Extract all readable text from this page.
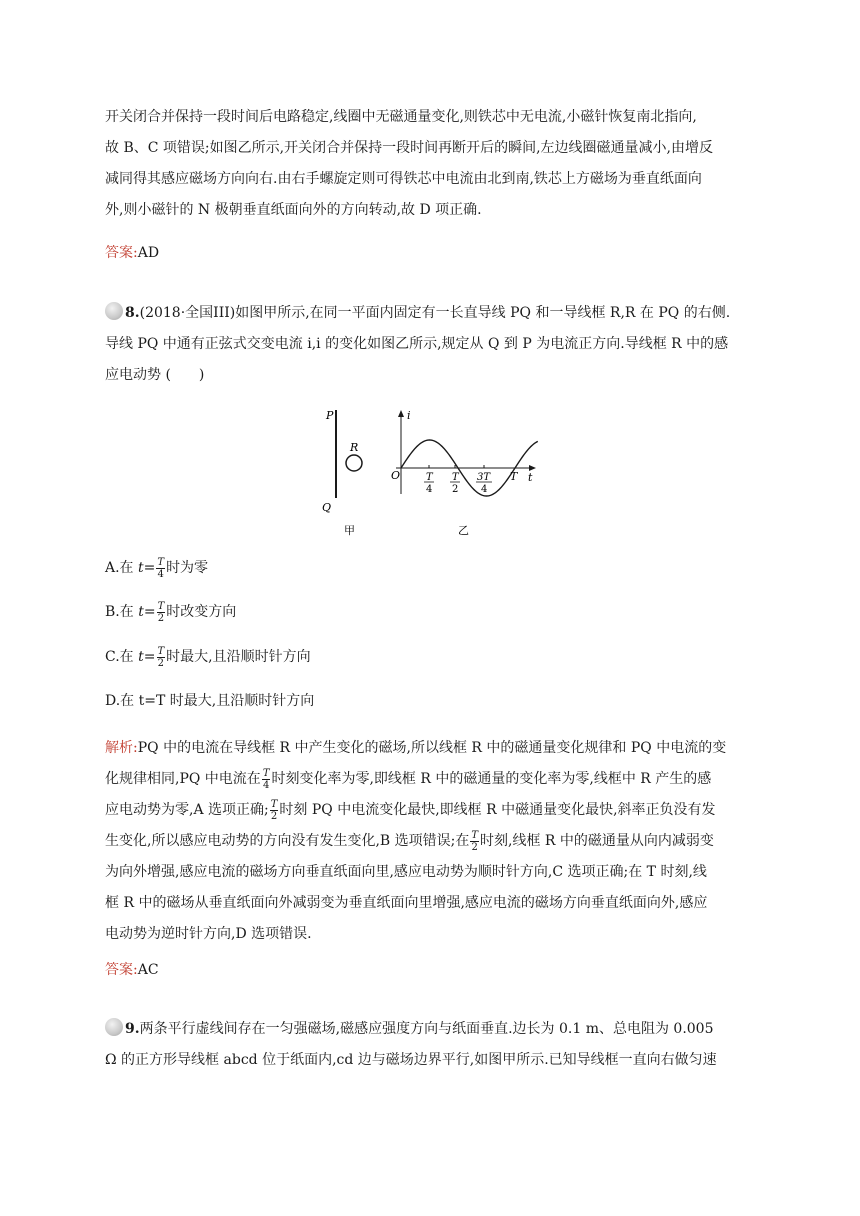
开关闭合并保持一段时间后电路稳定,线圈中无磁通量变化,则铁芯中无电流,小磁针恢复南北指向,
故 B、C 项错误;如图乙所示,开关闭合并保持一段时间再断开后的瞬间,左边线圈磁通量减小,由增反
减同得其感应磁场方向向右.由右手螺旋定则可得铁芯中电流由北到南,铁芯上方磁场为垂直纸面向
外,则小磁针的 N 极朝垂直纸面向外的方向转动,故 D 项正确.
答案:AD
8.(2018·全国III)如图甲所示,在同一平面内固定有一长直导线 PQ 和一导线框 R,R 在 PQ 的右侧.
导线 PQ 中通有正弦式交变电流 i,i 的变化如图乙所示,规定从 Q 到 P 为电流正方向.导线框 R 中的感
应电动势 (　　)
P
Q
R
甲
i
t
O	T
4
T
2
3T
4
T
乙
A.在 $t= \frac{T}{4}$ 时为零
B.在 $t= \frac{T}{2}$ 时改变方向
C.在 $t= \frac{T}{2}$ 时最大,且沿顺时针方向
D.在 t=T 时最大,且沿顺时针方向
解析:PQ 中的电流在导线框 R 中产生变化的磁场,所以线框 R 中的磁通量变化规律和 PQ 中电流的变
化规律相同,PQ 中电流在 $\frac{T}{4}$ 时刻变化率为零,即线框 R 中的磁通量的变化率为零,线框中 R 产生的感
应电动势为零,A 选项正确; $\frac{T}{2}$ 时刻 PQ 中电流变化最快,即线框 R 中磁通量变化最快,斜率正负没有发
生变化,所以感应电动势的方向没有发生变化,B 选项错误;在 $\frac{T}{2}$ 时刻,线框 R 中的磁通量从向内减弱变
为向外增强,感应电流的磁场方向垂直纸面向里,感应电动势为顺时针方向,C 选项正确;在 T 时刻,线
框 R 中的磁场从垂直纸面向外减弱变为垂直纸面向里增强,感应电流的磁场方向垂直纸面向外,感应
电动势为逆时针方向,D 选项错误.
答案:AC
9.两条平行虚线间存在一匀强磁场,磁感应强度方向与纸面垂直.边长为 0.1 m、总电阻为 0.005
Ω 的正方形导线框 abcd 位于纸面内,cd 边与磁场边界平行,如图甲所示.已知导线框一直向右做匀速
